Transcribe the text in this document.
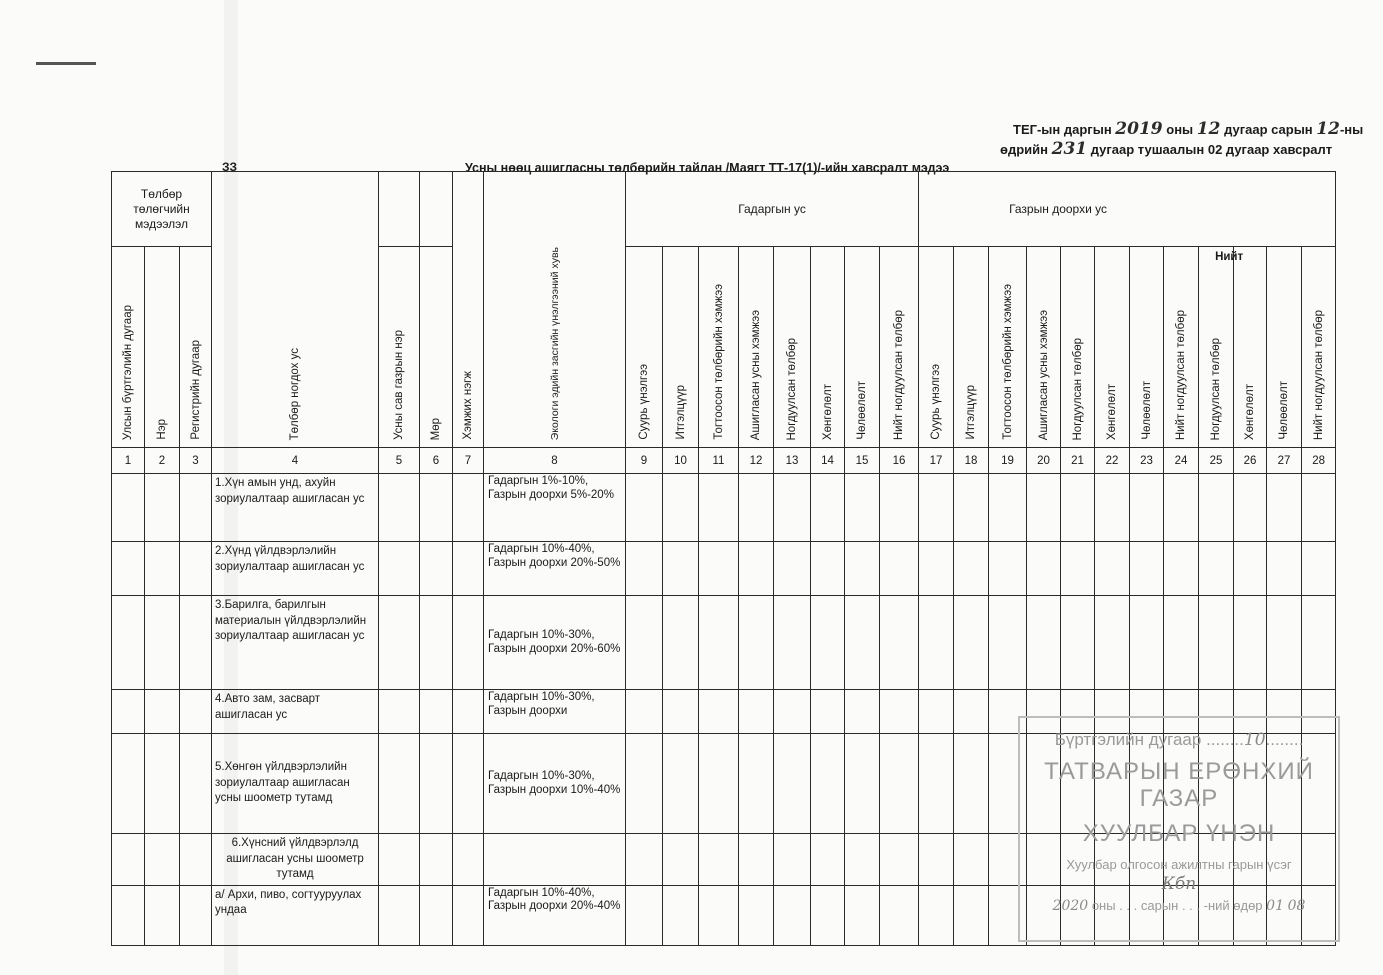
ТЕГ-ын даргын 2019 оны 12 дугаар сарын 12-ны
өдрийн 231 дугаар тушаалын 02 дугаар хавсралт
ЗЗ	Усны нөөц ашигласны төлбөрийн тайлан /Маягт ТТ-17(1)/-ийн хавсралт мэдээ
Төлбөр төлөгчийн мэдээлэл			Төлбөр ногдох ус			Хэмжих нэгж	Экологи эдийн засгийн үнэлгээний хувь	Гадаргын ус								Газрын доорхи ус											
Улсын бүртгэлийн дугаар	Нэр	Регистрийн дугаар		Усны сав газрын нэр	Мөр			Суурь үнэлгээ	Итгэлцүүр	Тогтоосон төлбөрийн хэмжээ	Ашигласан усны хэмжээ	Ногдуулсан төлбөр	Хөнгөлөлт	Чөлөөлөлт	Нийт ногдуулсан төлбөр	Суурь үнэлгээ	Итгэлцүүр	Тогтоосон төлбөрийн хэмжээ	Ашигласан усны хэмжээ	Ногдуулсан төлбөр	Хөнгөлөлт	Чөлөөлөлт	Нийт ногдуулсан төлбөр	Ногдуулсан төлбөр
Нийт	Хөнгөлөлт	Чөлөөлөлт	Нийт ногдуулсан төлбөр
1	2	3	4	5	6	7	8	9	10	11	12	13	14	15	16	17	18	19	20	21	22	23	24	25	26	27	28
			1.Хүн амын унд, ахуйн зориулалтаар ашигласан ус				Гадаргын 1%-10%, Газрын доорхи 5%-20%																				
			2.Хүнд үйлдвэрлэлийн зориулалтаар ашигласан ус				Гадаргын 10%-40%, Газрын доорхи 20%-50%																				
			3.Барилга, барилгын материалын үйлдвэрлэлийн зориулалтаар ашигласан ус				Гадаргын 10%-30%, Газрын доорхи 20%-60%																				
			4.Авто зам, засварт ашигласан ус				Гадаргын 10%-30%, Газрын доорхи																				
			5.Хөнгөн үйлдвэрлэлийн зориулалтаар ашигласан усны шоометр тутамд				Гадаргын 10%-30%, Газрын доорхи 10%-40%																				
			6.Хүнсний үйлдвэрлэлд ашигласан усны шоометр тутамд																								
			а/ Архи, пиво, согтууруулах ундаа				Гадаргын 10%-40%, Газрын доорхи 20%-40%																				
Бүртгэлийн дугаар ........10........
ТАТВАРЫН ЕРӨНХИЙ ГАЗАР
ХУУЛБАР ҮНЭН
Хуулбар олгосон ажилтны гарын үсэг
Кбп
2020 оны . . . сарын . . . -ний өдөр 01 08
